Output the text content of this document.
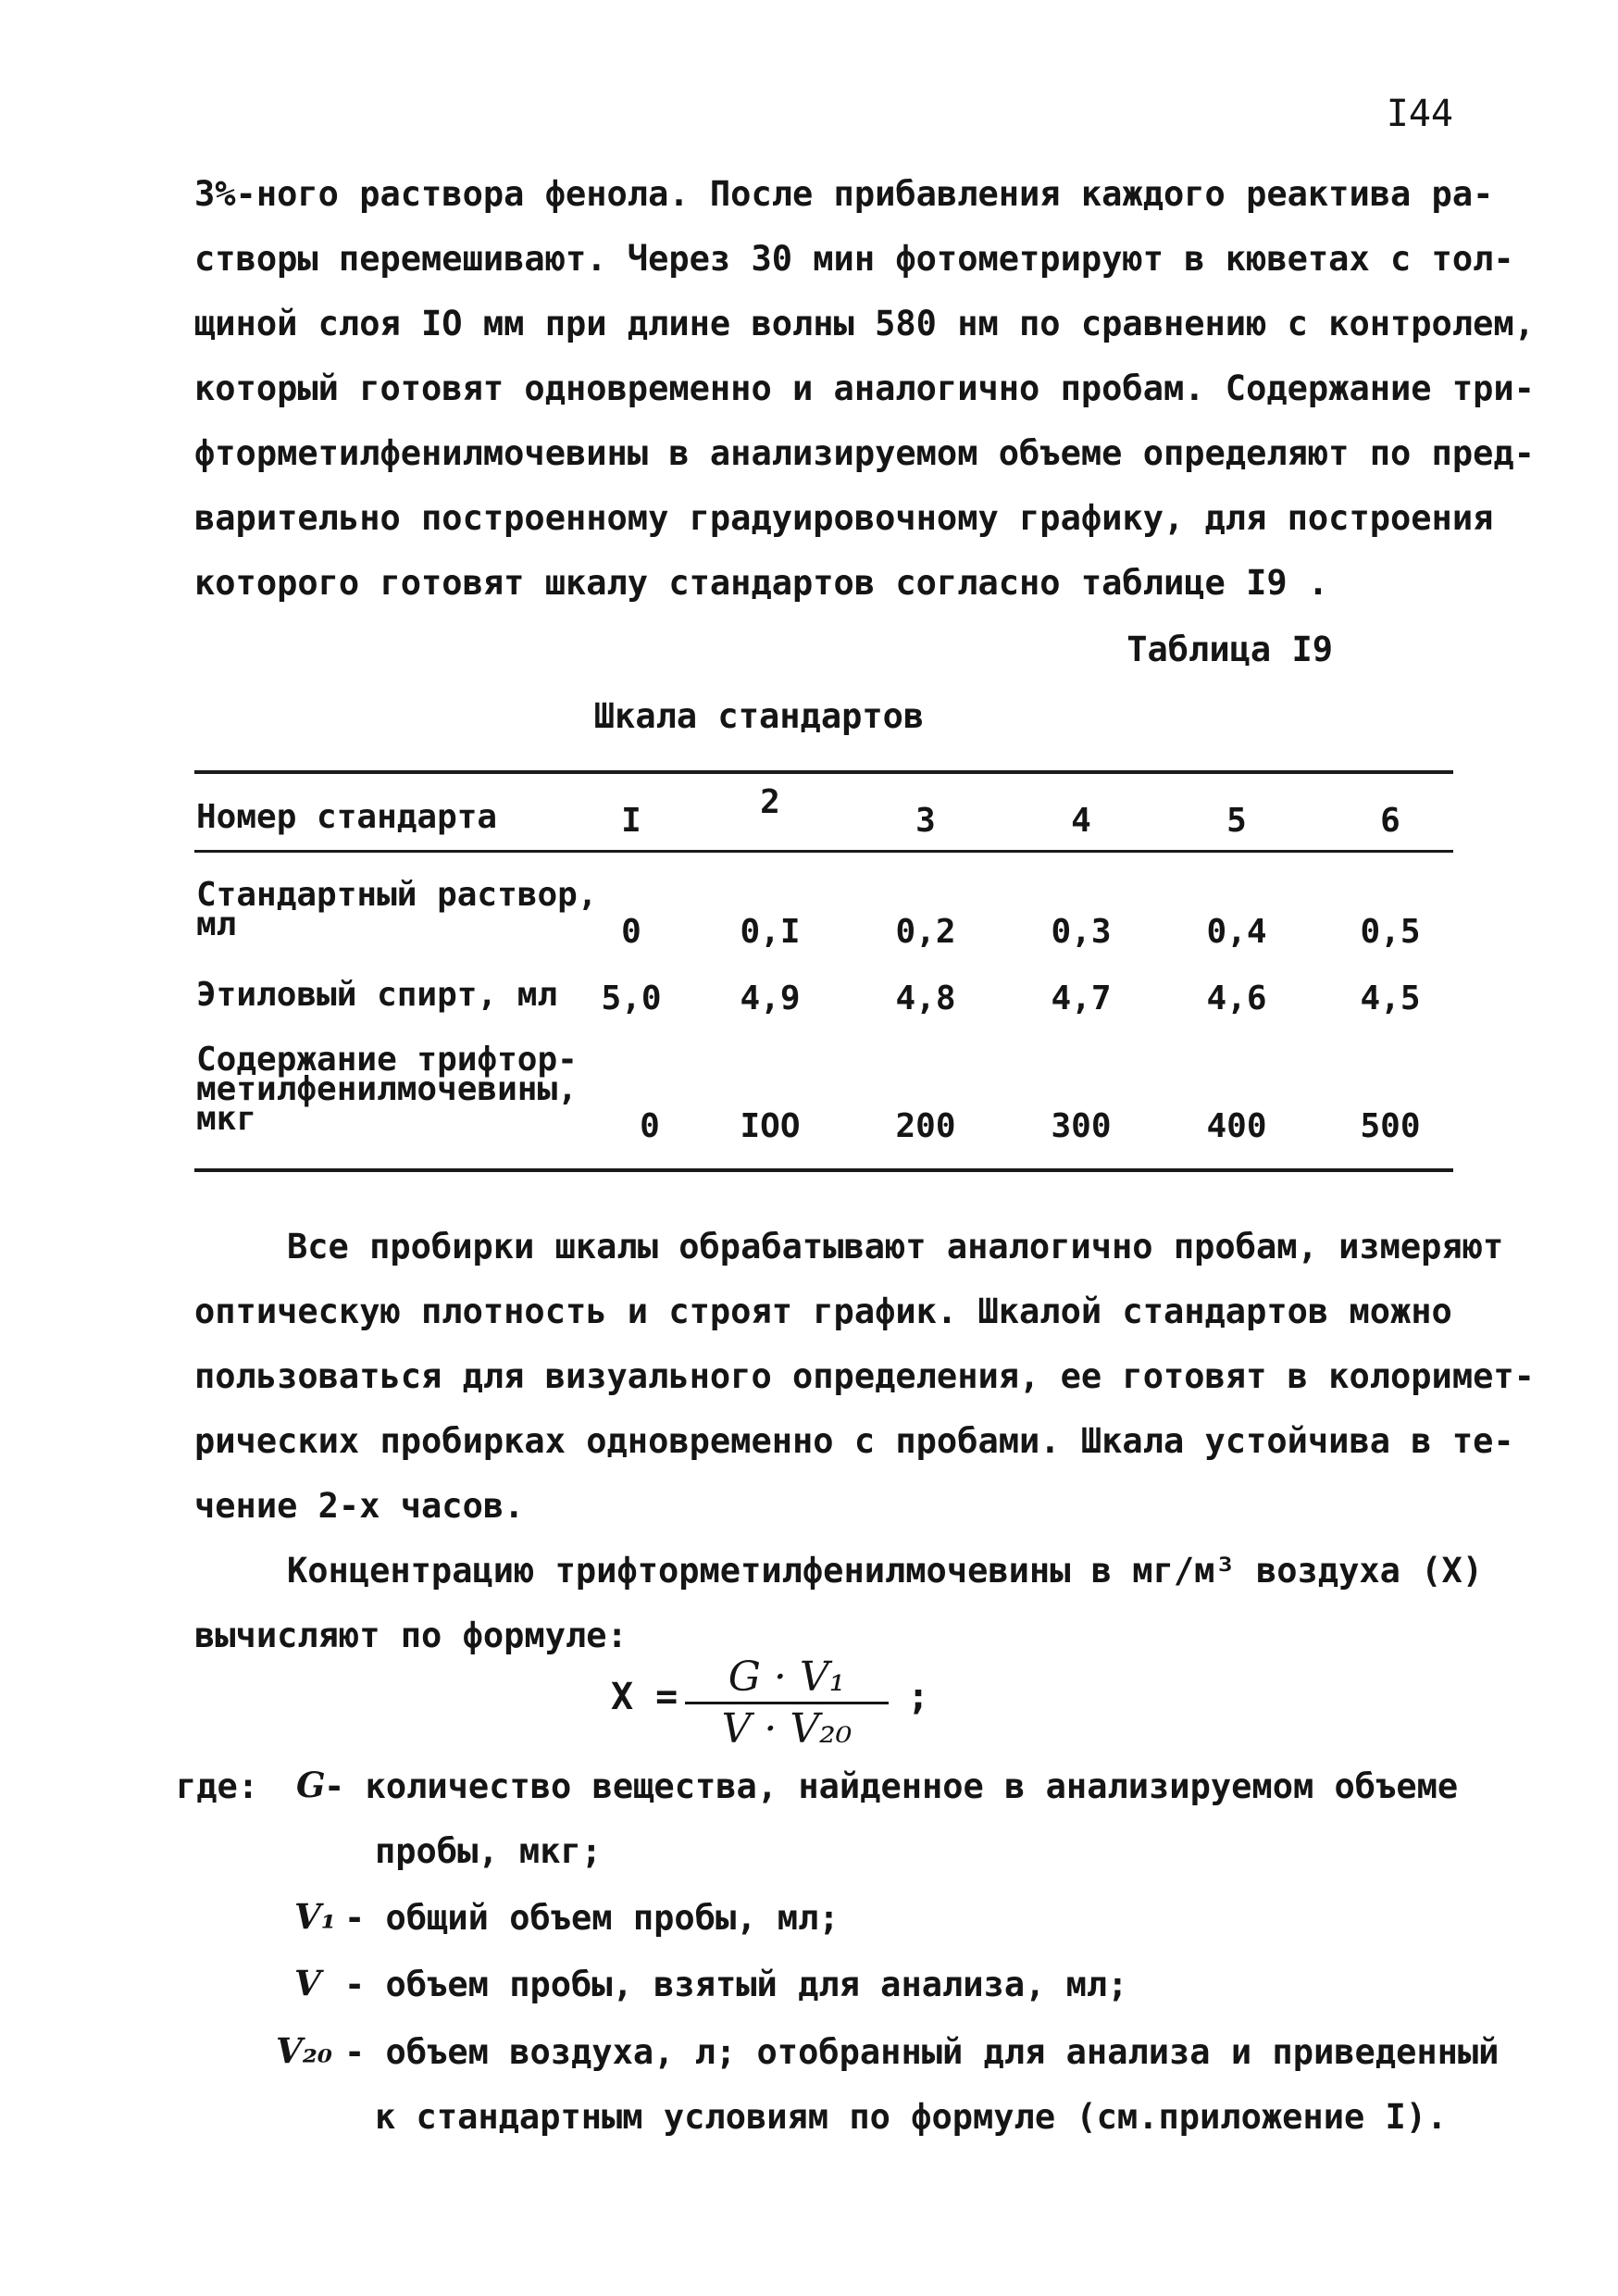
I44

3%-ного раствора фенола. После прибавления каждого реактива ра-
створы перемешивают. Через 30 мин фотометрируют в кюветах с тол-
щиной слоя IO мм при длине волны 580 нм по сравнению с контролем,
который готовят одновременно и аналогично пробам. Содержание три-
фторметилфенилмочевины в анализируемом объеме определяют по пред-
варительно построенному градуировочному графику, для построения
которого готовят шкалу стандартов согласно таблице I9 .

Таблица I9
Шкала стандартов
Номер стандарта	I	2	3	4	5	6
Стандартный раствор,
мл	0	0,I	0,2	0,3	0,4	0,5
Этиловый спирт, мл	5,0	4,9	4,8	4,7	4,6	4,5
Содержание трифтор-
метилфенилмочевины,
мкг	0	IOO	200	300	400	500

Все пробирки шкалы обрабатывают аналогично пробам, измеряют
оптическую плотность и строят график. Шкалой стандартов можно
пользоваться для визуального определения, ее готовят в колоримет-
рических пробирках одновременно с пробами. Шкала устойчива в те-
чение 2-х часов.

Концентрацию трифторметилфенилмочевины в мг/м³ воздуха (Х)
вычисляют по формуле:

Х =	G · V₁
V · V₂₀
;
где: G
- количество вещества, найденное в анализируемом объеме
пробы, мкг;
V₁ - общий объем пробы, мл;
V - объем пробы, взятый для анализа, мл;
V₂₀ - объем воздуха, л; отобранный для анализа и приведенный
к стандартным условиям по формуле (см.приложение I).
